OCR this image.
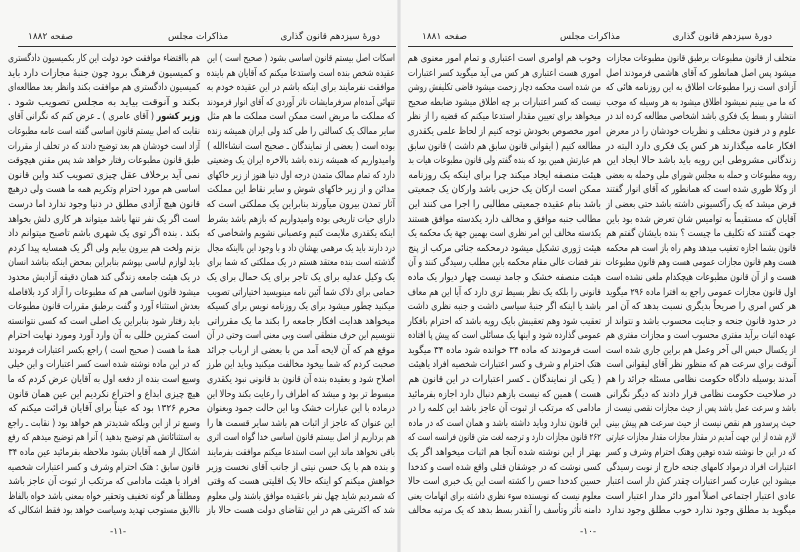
دورهٔ سیزدهم قانون گذاری
مذاکرات مجلس
صفحه ۱۸۸۲
اسکات اصل بیستم قانون اساسی بشود ( صحیح است ) این
عقیده شخص بنده است واستدعا میکنم که آقایان هم باینده
موافقت نفرمایند برای اینکه باشم در این عقیده خودم به
تنهائی آمده‌ام سرفرمایشات ناثر آوردی که آقای انوار فرمودند
که مملکت ما مریض است ممکن است مملکت ما هم مثل
سایر ممالک یک کسالتی را طی کند ولی ایران همیشه زنده
بوده است ( بعضی از نمایندگان ـ صحیح است انشاءالله )
وامیدواریم که همیشه زنده باشد بالاخره ایران یک وضعیتی
دارد که تمام ممالک متمدن درجه اول دنیا هنوز از زیر خاکهای
مدائن و از زیر خاکهای شوش و سایر نقاط این مملکت
آثار تمدن بیرون میآورند بنابراین یک مملکتی است که
دارای حیات تاریخی بوده وامیدواریم که بازهم باشد بشرط
اینکه یکقدری ملایمت کنیم وعصبانی نشویم واشخاصی که
درد دارند باید یک مرهمی بهشان داد و با وجود این بااینکه مجال
گذشته است بنده معتقد هستم در یک مملکتی که شما برای
یک وکیل عدلیه برای یک تاجر برای یک حمال برای یک
حمامی برای دلاک شما آئین نامه مینویسید اختیاراتی تصویب
میکنید چطور میشود برای یک روزنامه نویس برای کسیکه
میخواهد هدایت افکار جامعه را بکند ما یک مقرراتی
ننویسیم این حرف منطقی است وبی معنی است وحتی در آن
موقع هم که آن لایحه آمد من با بعضی از ارباب جرائد
صحبت کردم که شما بیخود مخالفت میکنید وباید این طرز
اصلاح شود و بعقیده بنده آن قانون بد قانونی نبود یکقدری
مبسوط تر بود و میشد که اطراف را رعایت بکند وحالا این
درماده با این عبارات خشک وبا این حالت جمود وبعنوان
این عنوان که عاجز از اثبات هم باشد سایر قسمت ها را
هم برداریم از اصل بیستم قانون اساسی خدا گواه است اثری
باقی نخواهد ماند این است استدعا میکنم موافقت بفرمایند
و بنده هم با یک حسن نیتی از جانب آقای نخست وزیر
خواهش میکنم کو اینکه حالا یک اقلیتی هست که وقتی
که شمردیم شاید چهل نفر باعقیده موافق باشند ولی معلوم
شد که اکثریتی هم در این تقاضای دولت هست حالا باز
هم بااقتضاء موافقت خود دولت این کار بکمیسیون دادگستری
و کمیسیون فرهنگ برود چون جنبهٔ مجازات دارد باید
کمیسیون دادگستری هم موافقت بکند وانظر بعد مطالعه‌ای
بکند و آنوقت بیاید به مجلس تصویب شود .
وزیر کشور ( آقای عامری ) ـ عرض کنم که نگرانی آقای
نقابت که اصل بیستم قانون اساسی گفته است عامه مطبوعات
آزاد است خودشان هم بعد توضیح دادند که در تخلف از مقررات
طبق قانون مطبوعات رفتار خواهد شد پس مقنن هیچوقت
نمی آید برخلاف عقل چیزی تصویب کند واین قانون
اساسی هم مورد احترام وتکریم همه ما هست ولی درهیچ
قانون هیچ آزادی مطلق در دنیا وجود ندارد اما درست
است اگر یک نفر تنها باشد میتواند هر کاری دلش بخواهد
بکند . بنده اگر توی یک شهری باشم تاصبح میتوانم داد
بزنم ولخت هم بیرون بیایم ولی اگر یک همسایه پیدا کردم
باید لوازم لباسی بپوشم بنابراین بمحض اینکه بناشد انسان
در یک هیئت جامعه زندگی کند همان دقیقه آزادیش محدود
میشود قانون اساسی هم که مطبوعات را آزاد کرد بلافاصله
بعدش استثناء آورد و گفت برطبق مقررات قانون مطبوعات
باید رفتار شود بنابراین یک اصلی است که کسی نتوانسته
است کمترین خللی به آن وارد آورد ومورد نهایت احترام
همهٔ ما هست ( صحیح است ) راجع بکسر اعتبارات فرمودند
که در این ماده نوشته شده است کسر اعتبارات و این خیلی
وسیع است بنده از دفعه اول به آقایان عرض کردم که ما
هیچ چیزی ابداع و اختراع نکردیم این عین همان قانون
محرم ۱۳۲۶ بود که عیناً برای آقایان قرائت میکنم که
وسیع تر از این وبلکه شدیدتر هم خواهد بود ( نقابت ـ راجع
به استثنائاتش هم توضیح بدهید ) آنرا هم توضیح میدهم که رفع
اشکال از همه آقایان بشود ملاحظه بفرمائید عین ماده ۳۴
قانون سابق : هتک احترام وشرف و کسر اعتبارات شخصیه
افراد یا هیئت مادامی که مرتکب از ثبوت آن عاجز باشد
ومطلقاً هر گونه تخفیف وتحقیر خواه بمعنی باشد خواه بالفاظ
ناالایق مستوجب تهدید وسیاست خواهد بود فقط اشکالی که
-۱۱-
دورهٔ سیزدهم قانون گذاری
مذاکرات مجلس
صفحه ۱۸۸۱
متخلف از قانون مطبوعات برطبق قانون مطبوعات مجازات
میشود پس اصل همانطور که آقای هاشمی فرمودند اصل
آزادی است زیرا مطبوعات اطلاق به این روزنامه هائی که
که ما می بینیم نمیشود اطلاق میشود به هر وسیله که موجب
انتشار و بسط یک فکری باشد اشخاصی مطالعه کرده اند در
علوم و در فنون مختلف و نظریات خودشان را در معرض
افکار عامه میگذارند هر کس یک فکری دارد البته در
زندگانی مشروطی این رویه باید باشد حالا ایجاد این
رویه مطبوعات و حمله به مجلس شورای ملی وحمله به بعضی
از وکلا طوری شده است که همانطور که آقای انوار گفتند
فرض میشد که یک رآکسیونی داشته باشد حتی بعضی از
آقایان که مستقیماً به توامیس شان تعرض شده بود باین
جهت گفتند که تکلیف ما چیست ؟ بنده بایشان گفتم هم
قانون بشما اجازه تعقیب میدهد وهم راه باز است هم محکمه
هست وهم قانون مجازات عمومی هست وهم قانون مطبوعات
هست و از آن قانون مطبوعات هیچکدام ملغی نشده است
اول قانون مجازات عمومی راجع به افترا ماده ۲۹۶ میگوید
هر کس امری را صریحاً بدیگری نسبت بدهد که آن امر
در حدود قانون جنحه و جنایت محسوب باشد و نتواند از
عهده اثبات برآید مفتری محسوب است و مجازات مفتری هم
از یکسال حبس الی آخر وعمل هم براین جاری شده است
آنوقت برای سرعت هم که منظور نظر آقای لیقوانی است
آمدند بوسیله دادگاه حکومت نظامی مسئله جرائد را هم
در صلاحیت حکومت نظامی قرار دادند که دیگر نگرانی
باشد و سرعت عمل باشد پس از حیث مجازات نقصی نیست از
حیث پرسدور هم نقص نیست از حیث سرعت هم پیش بینی
لازم شده از این جهت آمدیم در مقدار مجازات مقدار مجازات عبارتی
که در این جا نوشته شده توهین وهتک احترام وشرف و کسر
اعتبارات افراد درمواد کامهای جنحه خارج از نوبت رسیدگی
میشود این عبارت کسر اعتبارات چقدر کش دار است اعتبار
عادی اعتبار اجتماعی اصلاً امور دائر مدار اعتبار است
میگوید بد مطلق وجود ندارد خوب مطلق وجود ندارد
وخوب هم اوامری است اعتباری و تمام امور معنوی هم
اموری هست اعتباری هر کس می آید میگوید کسر اعتبارات
من شده است محکمه دچار زحمت میشود قاضی تکلیفش روشن
نیست که کسر اعتبارات بر چه اطلاق میشود ضابطه صحیح
میخواهد برای تعیین مقدار استدعا میکنم که قضیه را از نظر
امور مخصوص بخودش توجه کنیم از لحاظ علمی یکقدری
مطالعه کنیم ( ایقوانی قانون سابق هم داشت ) قانون سابق
هم عبارتش همین بود که بنده گفتم ولی قانون مطبوعات هیات بد
هیئت منصفه ایجاد میکند چرا برای اینکه یک روزنامه
ممکن است ارکان یک حزبی باشد وارکان یک جمعیتی
باشد بنام عقیده جمعیتی مطالبی را اجرا می کنند این
مطالب جنبه موافق و مخالف دارد یکدسته موافق هستند
یکدسته مخالف این امر نظری است بهمین جهة یک محکمه یک
هیئت ژوری تشکیل میشود درمحکمه جنائی مرکب از پنج
نفر قضات عالی مقام محکمه باین مطلب رسیدگی کنند و آن
هیئت منصفه خشک و جامد نیست چهار دیوار یک ماده
قانونی را بلکه یک نظر بسیط تری دارد که آیا این هم معاف
باشد یا اینکه اگر جنبهٔ سیاسی داشت و جنبه نظری داشت
تعقیب شود وهم تعقیبش بایک رویه باشد که احترام بافکار
عمومی گذارده شود و اینها یک مسائلی است که پیش پا افتاده
است فرمودند که ماده ۳۴ خوانده شود ماده ۳۴ میگوید
هتک احترام و شرف و کسر اعتبارات شخصیه افراد یاهیئت
( یکی از نمایندگان ـ کسر اعتبارات در این قانون هم
هست ) همین که نیست بازهم دنبال دارد اجازه بفرمائید
مادامی که مرتکب از ثبوت آن عاجز باشد این کلمه را در
این قانون ندارد وباید داشته باشد و همان است که در ماده
۲۶۲ قانون مجازات دارد و ترجمه لغت متن قانون فرانسه است که
بهتر از این نوشته شده آنجا هم اثبات میخواهد اگر یک
کسی نوشت که در جوشقان قتلی واقع شده است و کدخدا
حسین کدخدا حسن را کشته است این یک خبری است حالا
معلوم نیست که نویسنده سوء نظری داشته برای اتهامات یعنی
دامنه تأثر وتأسف را آنقدر بسط بدهد که یک مرتبه مخالف
-۱۰-
